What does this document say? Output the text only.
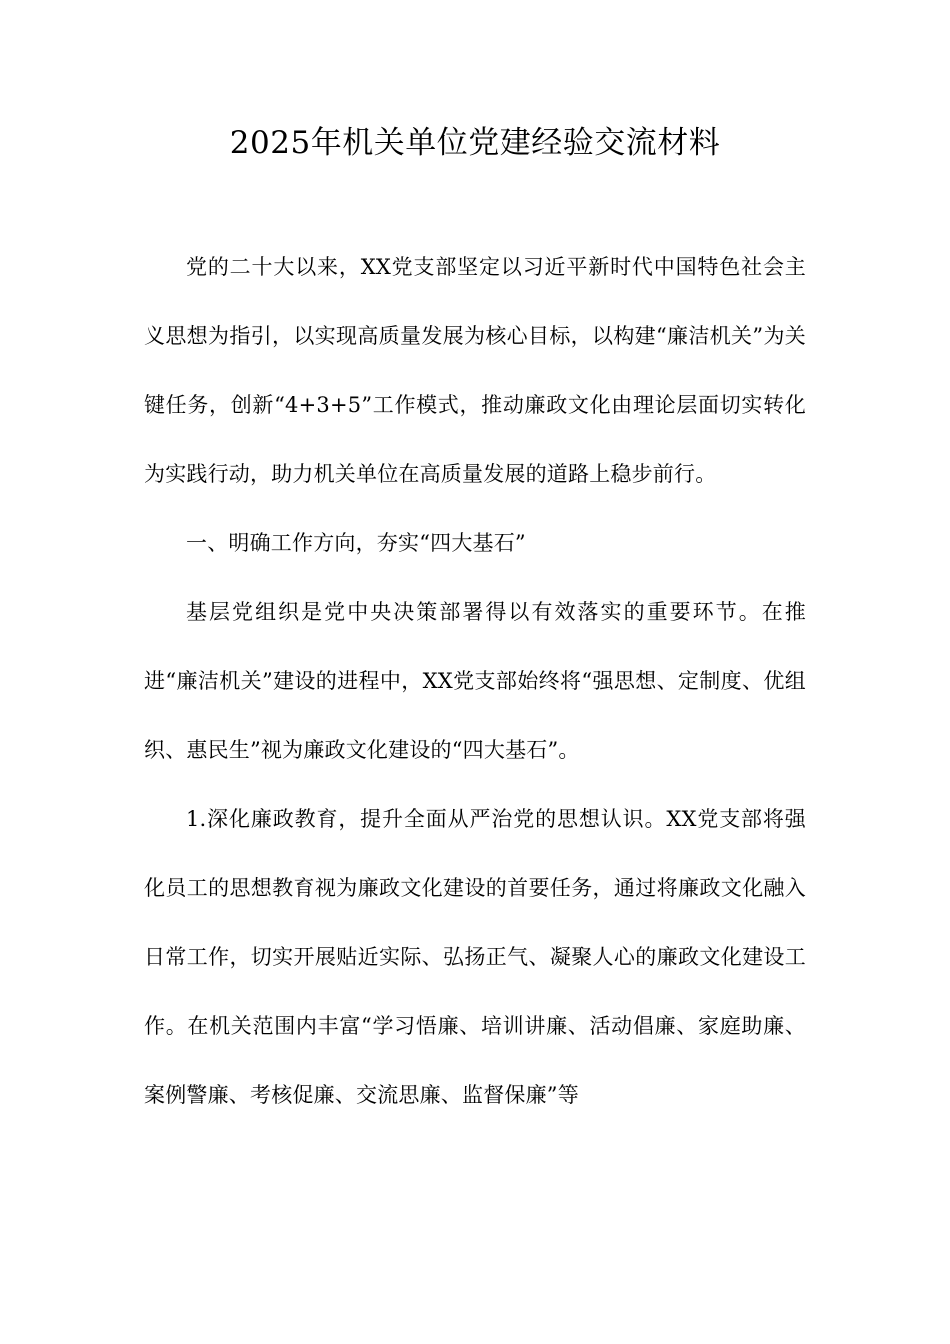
2025年机关单位党建经验交流材料

党的二十大以来，XX党支部坚定以习近平新时代中国特色社会主义思想为指引，以实现高质量发展为核心目标，以构建“廉洁机关”为关键任务，创新“4+3+5”工作模式，推动廉政文化由理论层面切实转化为实践行动，助力机关单位在高质量发展的道路上稳步前行。

一、明确工作方向，夯实“四大基石”

基层党组织是党中央决策部署得以有效落实的重要环节。在推进“廉洁机关”建设的进程中，XX党支部始终将“强思想、定制度、优组织、惠民生”视为廉政文化建设的“四大基石”。

1.深化廉政教育，提升全面从严治党的思想认识。XX党支部将强化员工的思想教育视为廉政文化建设的首要任务，通过将廉政文化融入日常工作，切实开展贴近实际、弘扬正气、凝聚人心的廉政文化建设工作。在机关范围内丰富“学习悟廉、培训讲廉、活动倡廉、家庭助廉、案例警廉、考核促廉、交流思廉、监督保廉”等
